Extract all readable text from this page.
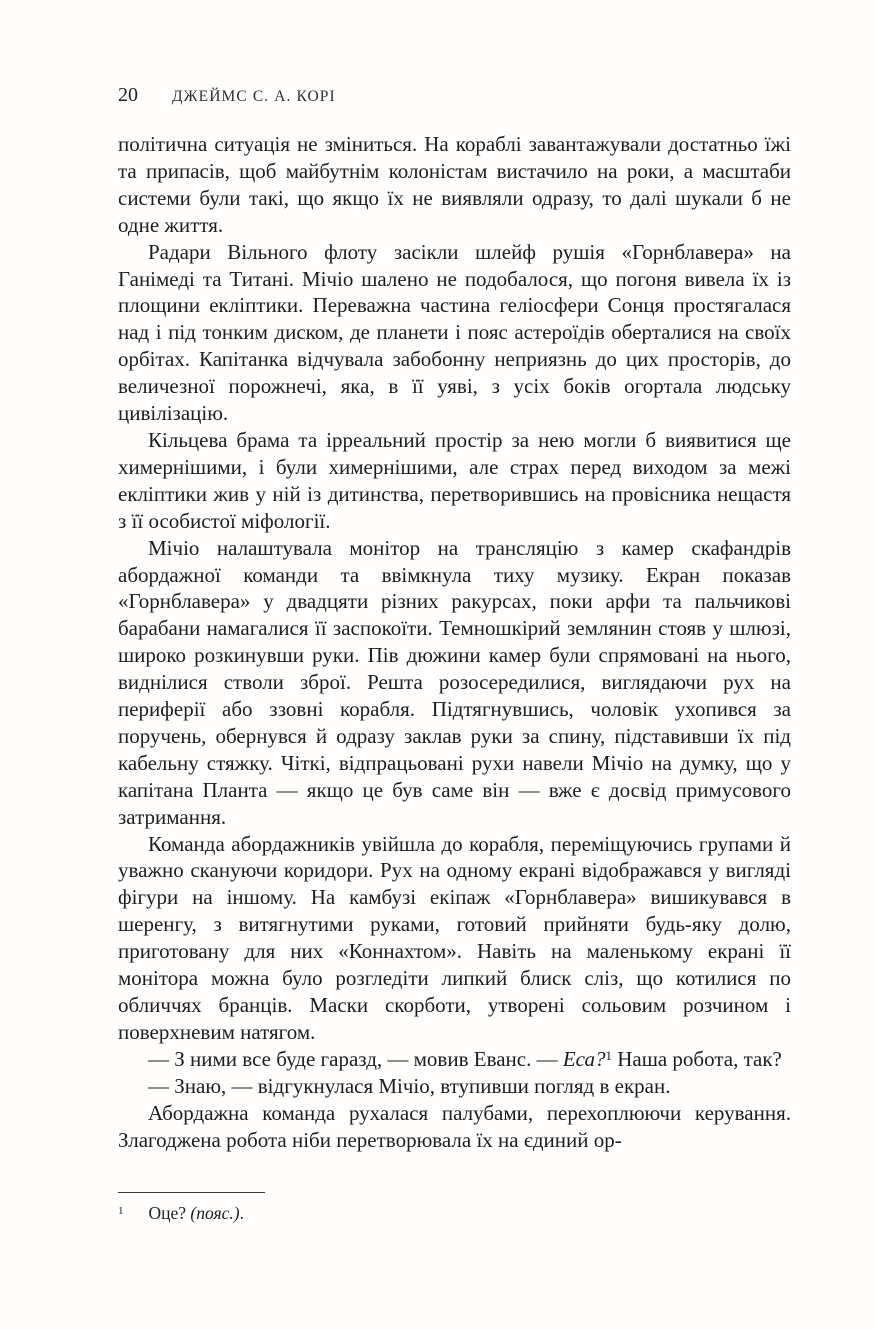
20 ДЖЕЙМС С. А. КОРІ

політична ситуація не зміниться. На кораблі завантажували достатньо їжі та припасів, щоб майбутнім колоністам вистачило на роки, а масштаби системи були такі, що якщо їх не виявляли одразу, то далі шукали б не одне життя.

Радари Вільного флоту засікли шлейф рушія «Горнблавера» на Ганімеді та Титані. Мічіо шалено не подобалося, що погоня вивела їх із площини екліптики. Переважна частина геліосфери Сонця простягалася над і під тонким диском, де планети і пояс астероїдів оберталися на своїх орбітах. Капітанка відчувала забобонну неприязнь до цих просторів, до величезної порожнечі, яка, в її уяві, з усіх боків огортала людську цивілізацію.

Кільцева брама та ірреальний простір за нею могли б виявитися ще химернішими, і були химернішими, але страх перед виходом за межі екліптики жив у ній із дитинства, перетворившись на провісника нещастя з її особистої міфології.

Мічіо налаштувала монітор на трансляцію з камер скафандрів абордажної команди та ввімкнула тиху музику. Екран показав «Горнблавера» у двадцяти різних ракурсах, поки арфи та пальчикові барабани намагалися її заспокоїти. Темношкірий землянин стояв у шлюзі, широко розкинувши руки. Пів дюжини камер були спрямовані на нього, виднілися стволи зброї. Решта розосередилися, виглядаючи рух на периферії або ззовні корабля. Підтягнувшись, чоловік ухопився за поручень, обернувся й одразу заклав руки за спину, підставивши їх під кабельну стяжку. Чіткі, відпрацьовані рухи навели Мічіо на думку, що у капітана Планта — якщо це був саме він — вже є досвід примусового затримання.

Команда абордажників увійшла до корабля, переміщуючись групами й уважно скануючи коридори. Рух на одному екрані відображався у вигляді фігури на іншому. На камбузі екіпаж «Горнблавера» вишикувався в шеренгу, з витягнутими руками, готовий прийняти будь-яку долю, приготовану для них «Коннахтом». Навіть на маленькому екрані її монітора можна було розгледіти липкий блиск сліз, що котилися по обличчях бранців. Маски скорботи, утворені сольовим розчином і поверхневим натягом.

— З ними все буде гаразд, — мовив Еванс. — Еса?$^1$ Наша робота, так?

— Знаю, — відгукнулася Мічіо, втупивши погляд в екран.

Абордажна команда рухалася палубами, перехоплюючи керування. Злагоджена робота ніби перетворювала їх на єдиний ор-

$^1$ Оце? (пояс.).
